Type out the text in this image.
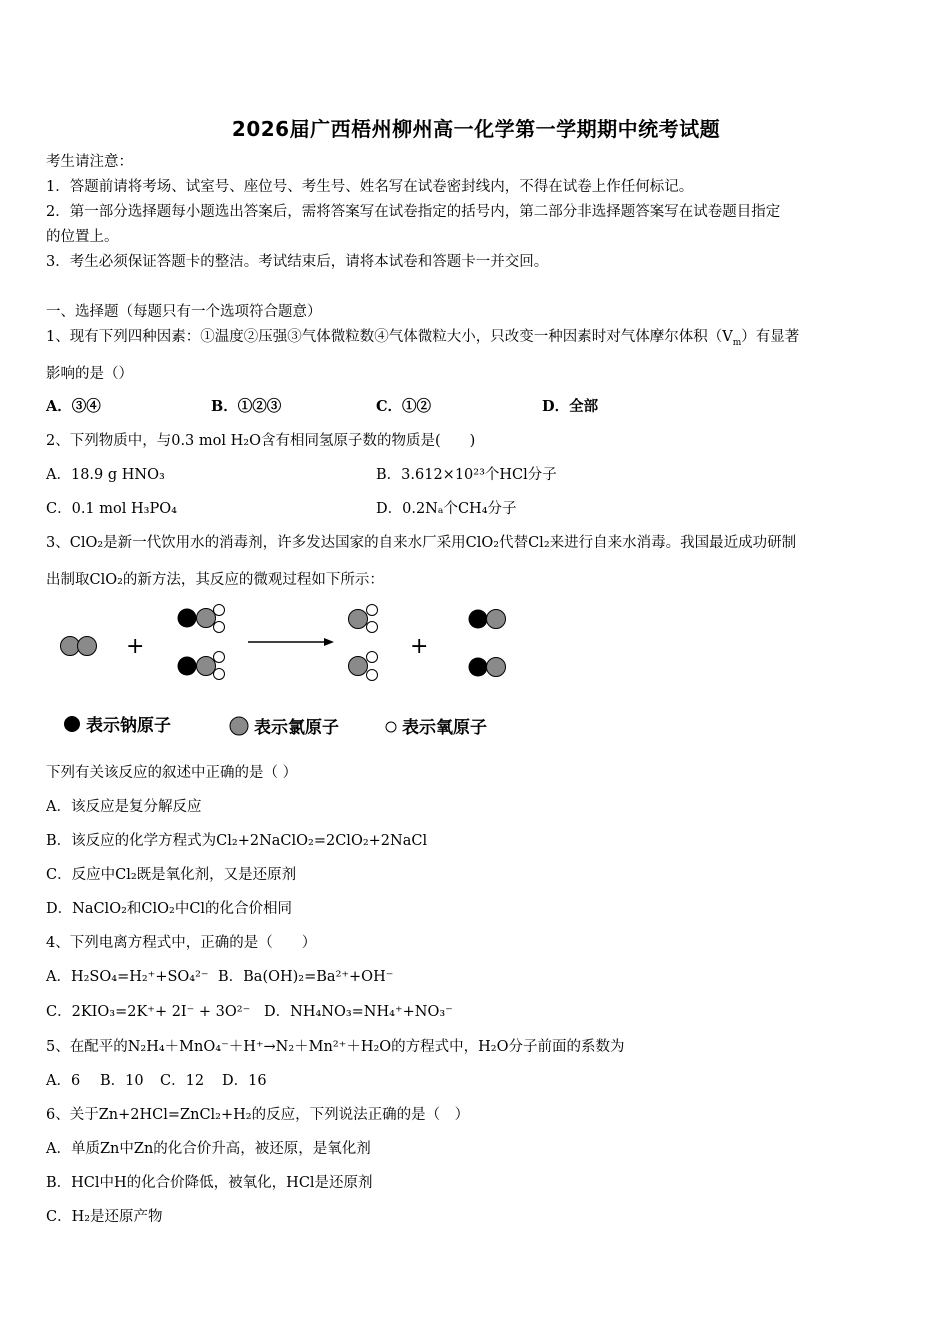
2026届广西梧州柳州高一化学第一学期期中统考试题
考生请注意：
1．答题前请将考场、试室号、座位号、考生号、姓名写在试卷密封线内，不得在试卷上作任何标记。
2．第一部分选择题每小题选出答案后，需将答案写在试卷指定的括号内，第二部分非选择题答案写在试卷题目指定
的位置上。
3．考生必须保证答题卡的整洁。考试结束后，请将本试卷和答题卡一并交回。
一、选择题（每题只有一个选项符合题意）
1、现有下列四种因素：①温度②压强③气体微粒数④气体微粒大小，只改变一种因素时对气体摩尔体积$(V_m)$有显著
影响的是（）
A．③④	B．①②③	C．①②	D．全部
2、下列物质中，与0.3 mol H₂O含有相同氢原子数的物质是(　　)
A．18.9 g HNO₃	B．3.612×10²³个HCl分子
C．0.1 mol H₃PO₄	D．0.2Nₐ个CH₄分子
3、ClO₂是新一代饮用水的消毒剂，许多发达国家的自来水厂采用ClO₂代替Cl₂来进行自来水消毒。我国最近成功研制
出制取ClO₂的新方法，其反应的微观过程如下所示：
+	+
表示钠原子	表示氯原子	表示氧原子
下列有关该反应的叙述中正确的是（ ）
A．该反应是复分解反应
B．该反应的化学方程式为Cl₂+2NaClO₂=2ClO₂+2NaCl
C．反应中Cl₂既是氧化剂，又是还原剂
D．NaClO₂和ClO₂中Cl的化合价相同
4、下列电离方程式中，正确的是（　　）
A．H₂SO₄=H₂⁺+SO₄²⁻ B．Ba(OH)₂=Ba²⁺+OH⁻
C．2KIO₃=2K⁺+ 2I⁻ + 3O²⁻ D．NH₄NO₃=NH₄⁺+NO₃⁻
5、在配平的N₂H₄＋MnO₄⁻＋H⁺→N₂＋Mn²⁺＋H₂O的方程式中，H₂O分子前面的系数为
A．6 B．10 C．12 D．16
6、关于Zn+2HCl=ZnCl₂+H₂的反应，下列说法正确的是（　）
A．单质Zn中Zn的化合价升高，被还原，是氧化剂
B．HCl中H的化合价降低，被氧化，HCl是还原剂
C．H₂是还原产物
